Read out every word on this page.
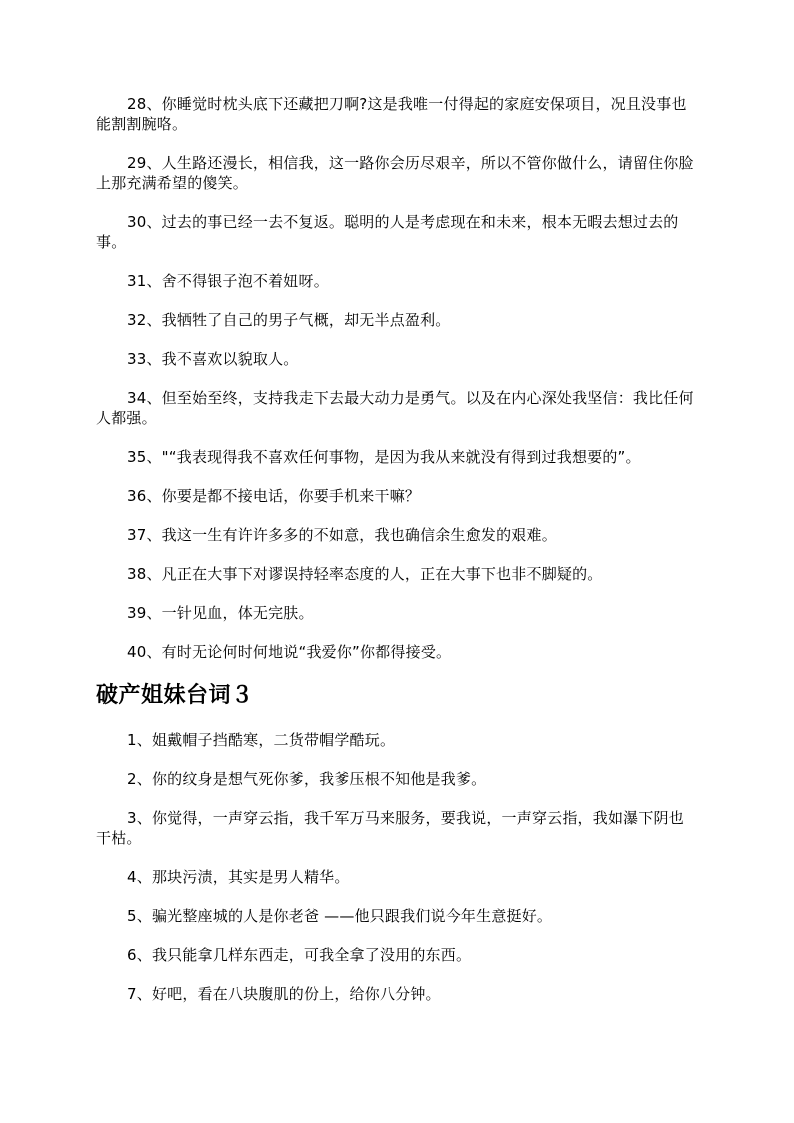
28、你睡觉时枕头底下还藏把刀啊?这是我唯一付得起的家庭安保项目，况且没事也能割割腕咯。

29、人生路还漫长，相信我，这一路你会历尽艰辛，所以不管你做什么，请留住你脸上那充满希望的傻笑。

30、过去的事已经一去不复返。聪明的人是考虑现在和未来，根本无暇去想过去的事。

31、舍不得银子泡不着妞呀。

32、我牺牲了自己的男子气概，却无半点盈利。

33、我不喜欢以貌取人。

34、但至始至终，支持我走下去最大动力是勇气。以及在内心深处我坚信：我比任何人都强。

35、"“我表现得我不喜欢任何事物，是因为我从来就没有得到过我想要的”。

36、你要是都不接电话，你要手机来干嘛？

37、我这一生有许许多多的不如意，我也确信余生愈发的艰难。

38、凡正在大事下对谬误持轻率态度的人，正在大事下也非不脚疑的。

39、一针见血，体无完肤。

40、有时无论何时何地说“我爱你”你都得接受。

破产姐妹台词３

1、姐戴帽子挡酷寒，二货带帽学酷玩。

2、你的纹身是想气死你爹，我爹压根不知他是我爹。

3、你觉得，一声穿云指，我千军万马来服务，要我说，一声穿云指，我如瀑下阴也干枯。

4、那块污渍，其实是男人精华。

5、骗光整座城的人是你老爸 ——他只跟我们说今年生意挺好。

6、我只能拿几样东西走，可我全拿了没用的东西。

7、好吧，看在八块腹肌的份上，给你八分钟。
